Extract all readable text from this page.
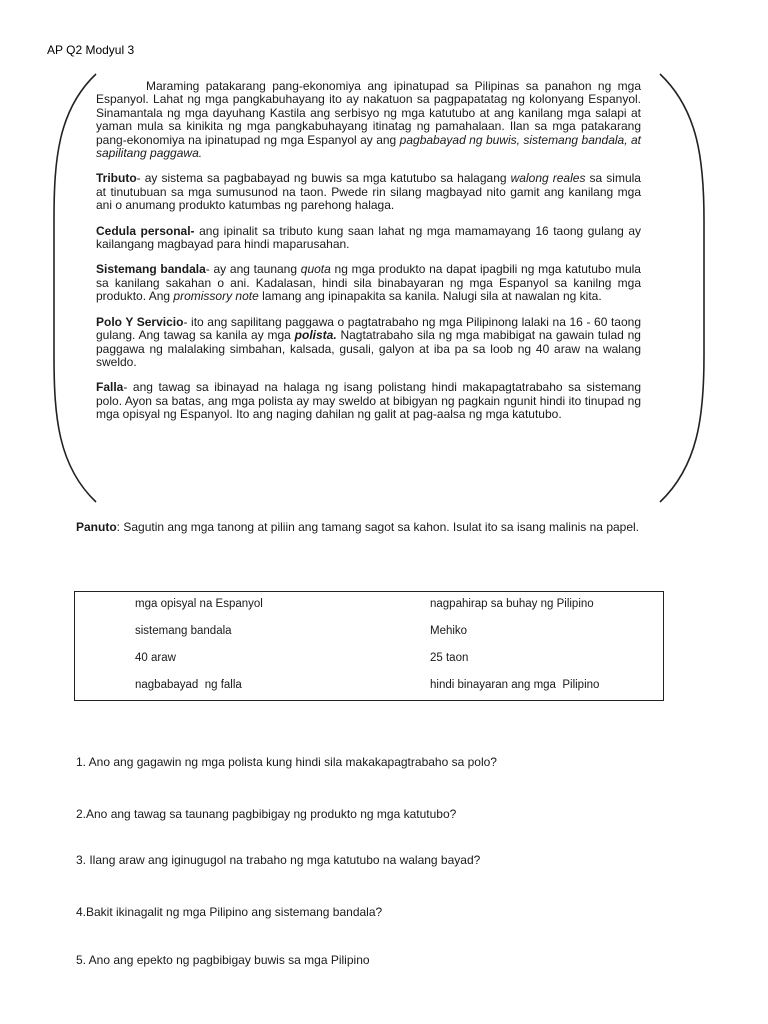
AP Q2 Modyul 3

Maraming patakarang pang-ekonomiya ang ipinatupad sa Pilipinas sa panahon ng mga Espanyol. Lahat ng mga pangkabuhayang ito ay nakatuon sa pagpapatatag ng kolonyang Espanyol. Sinamantala ng mga dayuhang Kastila ang serbisyo ng mga katutubo at ang kanilang mga salapi at yaman mula sa kinikita ng mga pangkabuhayang itinatag ng pamahalaan. Ilan sa mga patakarang pang-ekonomiya na ipinatupad ng mga Espanyol ay ang pagbabayad ng buwis, sistemang bandala, at sapilitang paggawa.

Tributo- ay sistema sa pagbabayad ng buwis sa mga katutubo sa halagang walong reales sa simula at tinutubuan sa mga sumusunod na taon. Pwede rin silang magbayad nito gamit ang kanilang mga ani o anumang produkto katumbas ng parehong halaga.

Cedula personal- ang ipinalit sa tributo kung saan lahat ng mga mamamayang 16 taong gulang ay kailangang magbayad para hindi maparusahan.

Sistemang bandala- ay ang taunang quota ng mga produkto na dapat ipagbili ng mga katutubo mula sa kanilang sakahan o ani. Kadalasan, hindi sila binabayaran ng mga Espanyol sa kanilng mga produkto. Ang promissory note lamang ang ipinapakita sa kanila. Nalugi sila at nawalan ng kita.

Polo Y Servicio- ito ang sapilitang paggawa o pagtatrabaho ng mga Pilipinong lalaki na 16 - 60 taong gulang. Ang tawag sa kanila ay mga polista. Nagtatrabaho sila ng mga mabibigat na gawain tulad ng paggawa ng malalaking simbahan, kalsada, gusali, galyon at iba pa sa loob ng 40 araw na walang sweldo.

Falla- ang tawag sa ibinayad na halaga ng isang polistang hindi makapagtatrabaho sa sistemang polo. Ayon sa batas, ang mga polista ay may sweldo at bibigyan ng pagkain ngunit hindi ito tinupad ng mga opisyal ng Espanyol. Ito ang naging dahilan ng galit at pag-aalsa ng mga katutubo.

Panuto: Sagutin ang mga tanong at piliin ang tamang sagot sa kahon. Isulat ito sa isang malinis na papel.
mga opisyal na Espanyol	nagpahirap sa buhay ng Pilipino
sistemang bandala	Mehiko
40 araw	25 taon
nagbabayad  ng falla	hindi binayaran ang mga  Pilipino
1. Ano ang gagawin ng mga polista kung hindi sila makakapagtrabaho sa polo?
2.Ano ang tawag sa taunang pagbibigay ng produkto ng mga katutubo?
3. Ilang araw ang iginugugol na trabaho ng mga katutubo na walang bayad?
4.Bakit ikinagalit ng mga Pilipino ang sistemang bandala?
5. Ano ang epekto ng pagbibigay buwis sa mga Pilipino
